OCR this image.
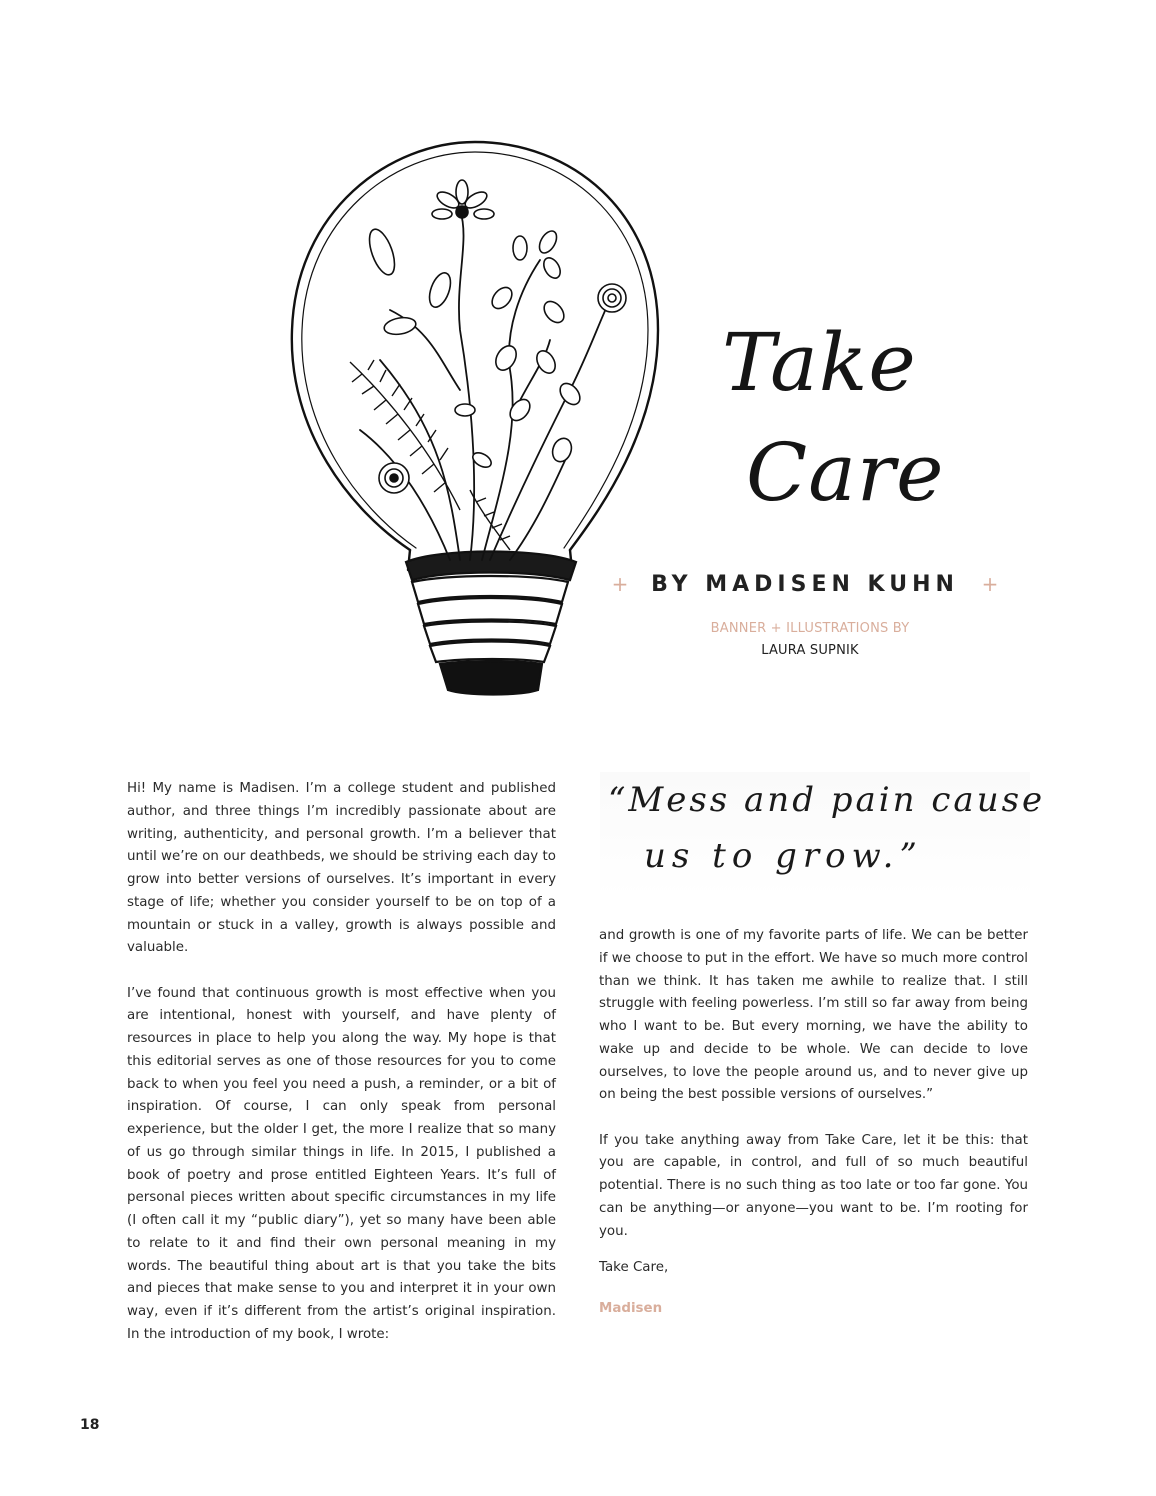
Take
Care
+ BY MADISEN KUHN +
BANNER + ILLUSTRATIONS BY
LAURA SUPNIK

Hi! My name is Madisen. I’m a college student and published author, and three things I’m incredibly passionate about are writing, authenticity, and personal growth. I’m a believer that until we’re on our deathbeds, we should be striving each day to grow into better versions of ourselves. It’s important in every stage of life; whether you consider yourself to be on top of a mountain or stuck in a valley, growth is always possible and valuable.

I’ve found that continuous growth is most effective when you are intentional, honest with yourself, and have plenty of resources in place to help you along the way. My hope is that this editorial serves as one of those resources for you to come back to when you feel you need a push, a reminder, or a bit of inspiration. Of course, I can only speak from personal experience, but the older I get, the more I realize that so many of us go through similar things in life. In 2015, I published a book of poetry and prose entitled Eighteen Years. It’s full of personal pieces written about specific circumstances in my life (I often call it my “public diary”), yet so many have been able to relate to it and find their own personal meaning in my words. The beautiful thing about art is that you take the bits and pieces that make sense to you and interpret it in your own way, even if it’s different from the artist’s original inspiration. In the introduction of my book, I wrote:

“Mess and pain cause
us to grow.”

and growth is one of my favorite parts of life. We can be better if we choose to put in the effort. We have so much more control than we think. It has taken me awhile to realize that. I still struggle with feeling powerless. I’m still so far away from being who I want to be. But every morning, we have the ability to wake up and decide to be whole. We can decide to love ourselves, to love the people around us, and to never give up on being the best possible versions of ourselves.”

If you take anything away from Take Care, let it be this: that you are capable, in control, and full of so much beautiful potential. There is no such thing as too late or too far gone. You can be anything—or anyone—you want to be. I’m rooting for you.

Take Care,
Madisen
18
